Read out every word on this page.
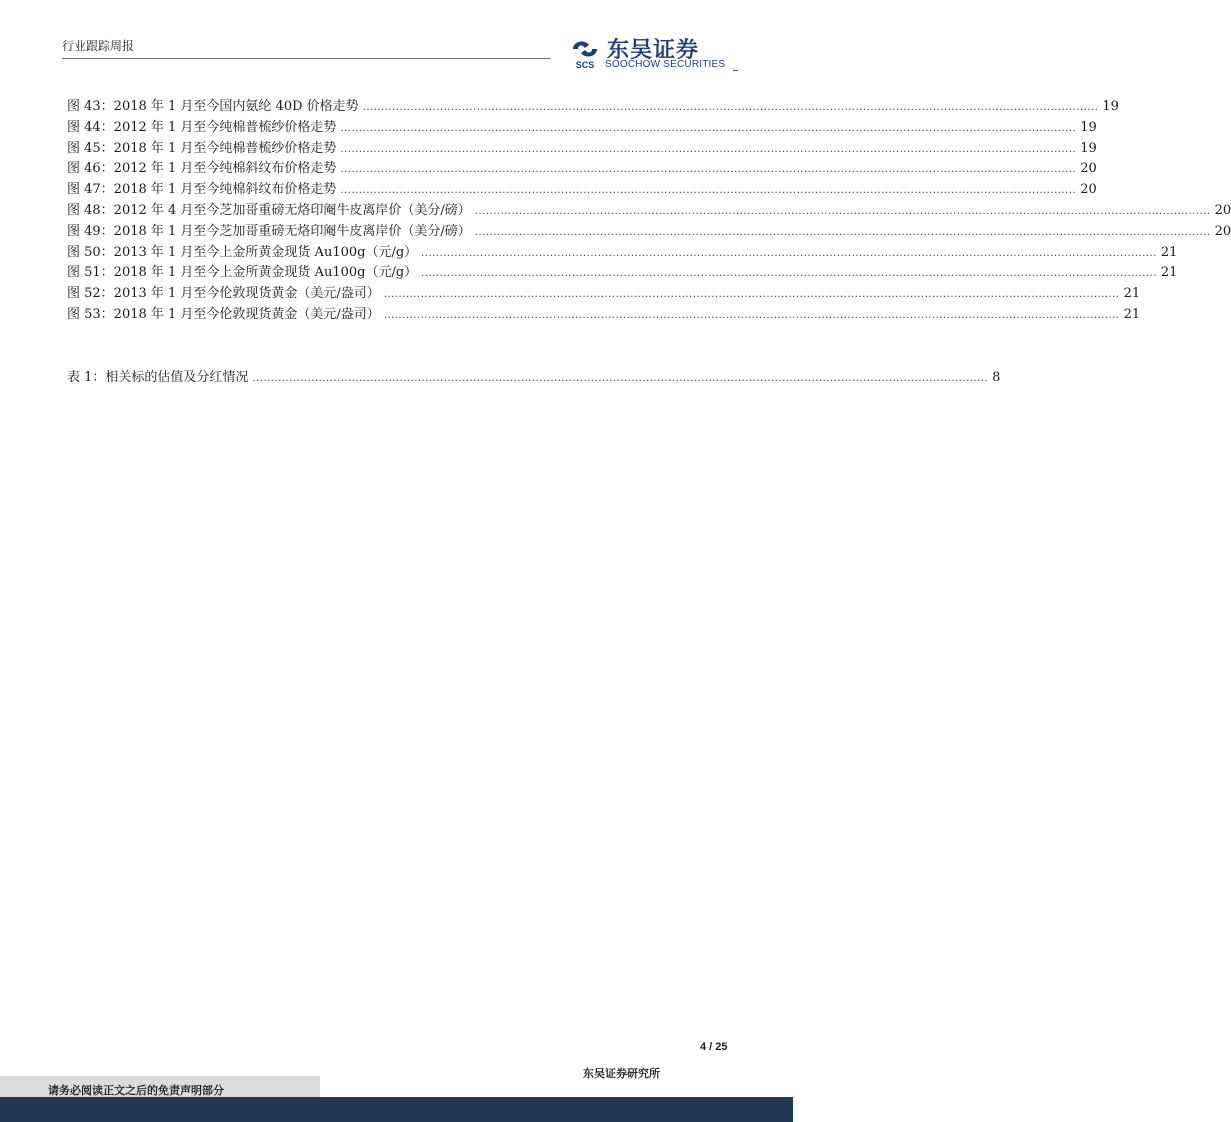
行业跟踪周报
SCS
东吴证券
SOOCHOW SECURITIES
图 43：2018 年 1 月至今国内氨纶 40D 价格走势 ........................................................................................................................................................................................................ 19
图 44：2012 年 1 月至今纯棉普梳纱价格走势 ........................................................................................................................................................................................................ 19
图 45：2018 年 1 月至今纯棉普梳纱价格走势 ........................................................................................................................................................................................................ 19
图 46：2012 年 1 月至今纯棉斜纹布价格走势 ........................................................................................................................................................................................................ 20
图 47：2018 年 1 月至今纯棉斜纹布价格走势 ........................................................................................................................................................................................................ 20
图 48：2012 年 4 月至今芝加哥重磅无烙印阉牛皮离岸价（美分/磅） ........................................................................................................................................................................................................ 20
图 49：2018 年 1 月至今芝加哥重磅无烙印阉牛皮离岸价（美分/磅） ........................................................................................................................................................................................................ 20
图 50：2013 年 1 月至今上金所黄金现货 Au100g（元/g） ........................................................................................................................................................................................................ 21
图 51：2018 年 1 月至今上金所黄金现货 Au100g（元/g） ........................................................................................................................................................................................................ 21
图 52：2013 年 1 月至今伦敦现货黄金（美元/盎司） ........................................................................................................................................................................................................ 21
图 53：2018 年 1 月至今伦敦现货黄金（美元/盎司） ........................................................................................................................................................................................................ 21
表 1：相关标的估值及分红情况 ........................................................................................................................................................................................................ 8
4 / 25
东吴证券研究所
请务必阅读正文之后的免责声明部分
